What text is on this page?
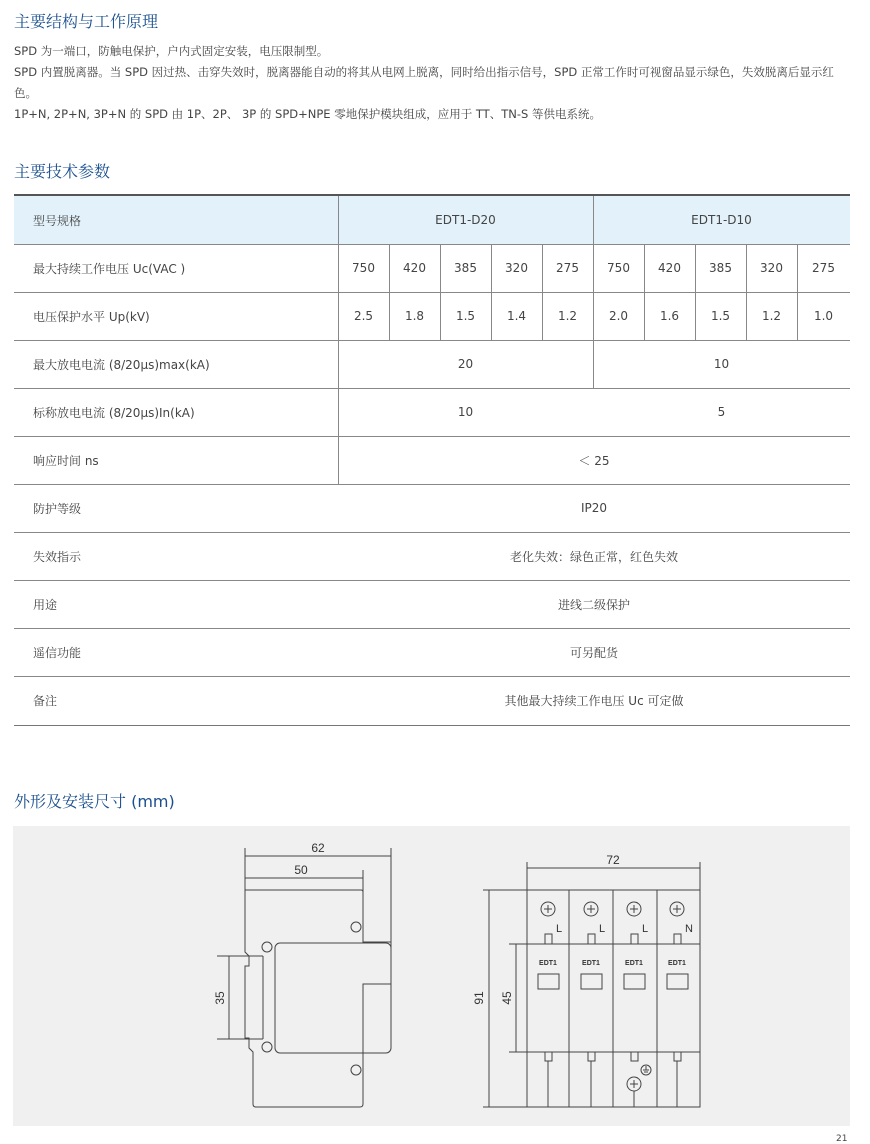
主要结构与工作原理

SPD 为一端口，防触电保护，户内式固定安装，电压限制型。

SPD 内置脱离器。当 SPD 因过热、击穿失效时，脱离器能自动的将其从电网上脱离，同时给出指示信号，SPD 正常工作时可视窗品显示绿色，失效脱离后显示红色。

1P+N, 2P+N, 3P+N 的 SPD 由 1P、2P、 3P 的 SPD+NPE 零地保护模块组成，应用于 TT、TN-S 等供电系统。

主要技术参数
型号规格	EDT1-D20	EDT1-D10
最大持续工作电压 Uc(VAC )	750	420	385	320	275	750	420	385	320	275
电压保护水平 Up(kV)	2.5	1.8	1.5	1.4	1.2	2.0	1.6	1.5	1.2	1.0
最大放电电流 (8/20μs)max(kA)	20	10
标称放电电流 (8/20μs)In(kA)	10	5
响应时间 ns	＜ 25
防护等级	IP20
失效指示	老化失效：绿色正常，红色失效
用途	进线二级保护
遥信功能	可另配货
备注	其他最大持续工作电压 Uc 可定做
外形及安装尺寸 (mm)
62
50
35
72
91 45
L	L	L	N
EDT1	EDT1	EDT1	EDT1
21
